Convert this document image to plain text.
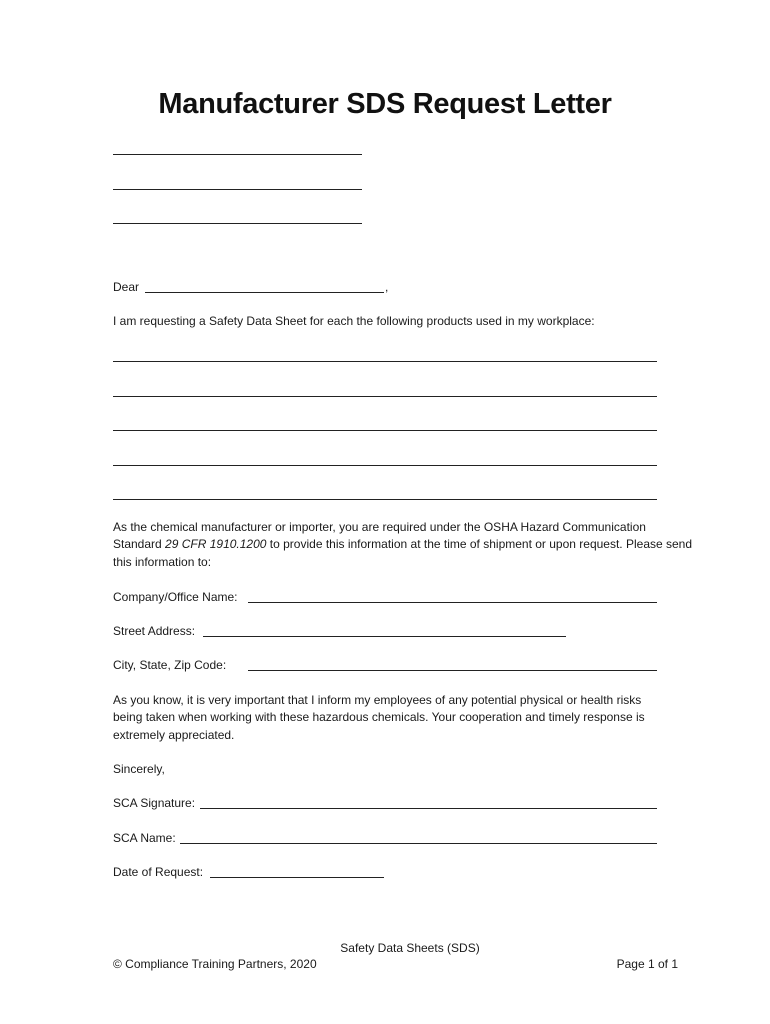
Manufacturer SDS Request Letter
Dear	,
I am requesting a Safety Data Sheet for each the following products used in my workplace:
As the chemical manufacturer or importer, you are required under the OSHA Hazard Communication Standard 29 CFR 1910.1200 to provide this information at the time of shipment or upon request. Please send this information to:
Company/Office Name:
Street Address:
City, State, Zip Code:
As you know, it is very important that I inform my employees of any potential physical or health risks being taken when working with these hazardous chemicals. Your cooperation and timely response is extremely appreciated.
Sincerely,
SCA Signature:
SCA Name:
Date of Request:
Safety Data Sheets (SDS)
© Compliance Training Partners, 2020	Page 1 of 1
